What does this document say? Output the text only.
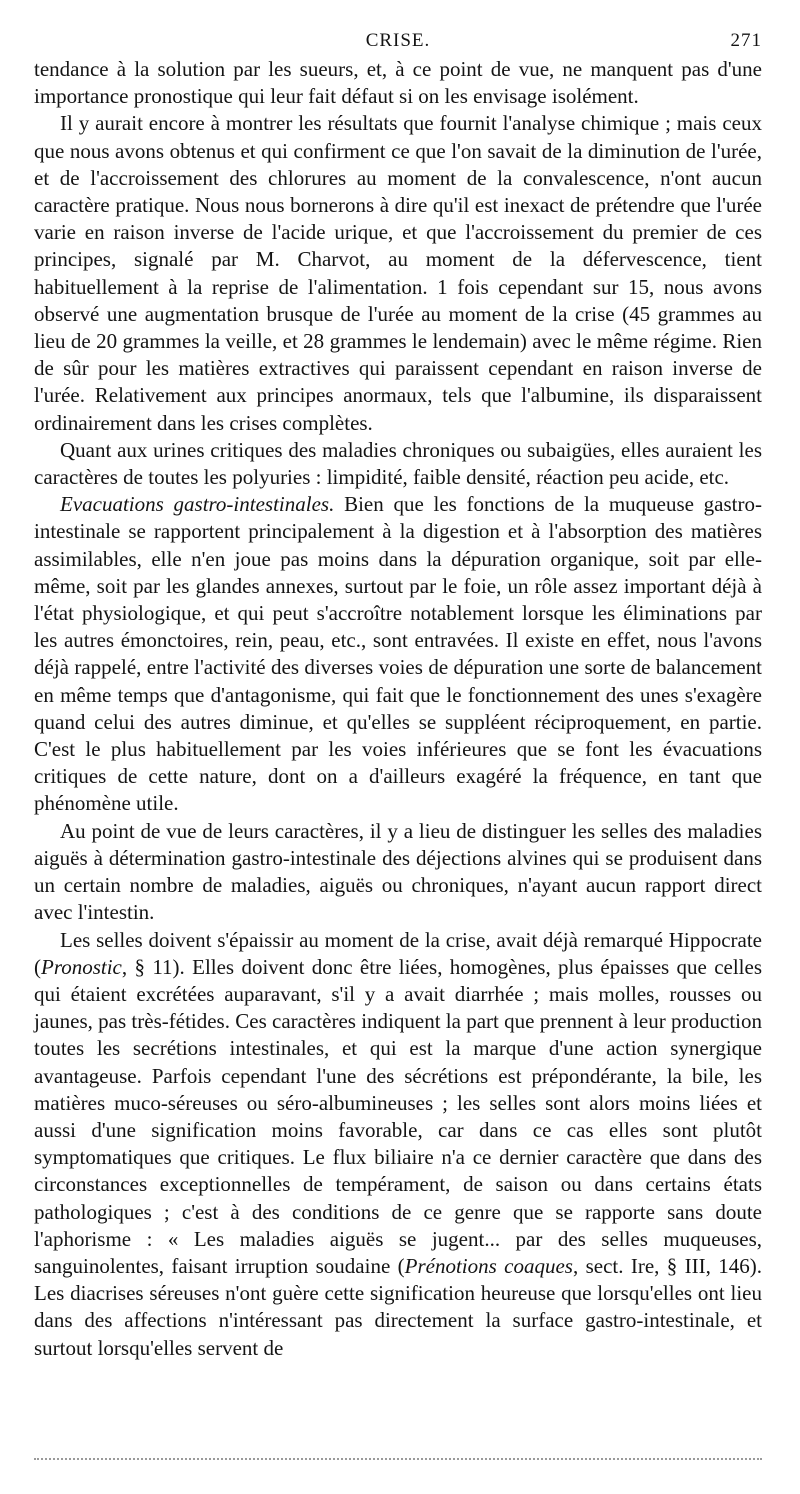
CRISE.	271

tendance à la solution par les sueurs, et, à ce point de vue, ne manquent pas d'une importance pronostique qui leur fait défaut si on les envisage isolément.

Il y aurait encore à montrer les résultats que fournit l'analyse chimique ; mais ceux que nous avons obtenus et qui confirment ce que l'on savait de la diminution de l'urée, et de l'accroissement des chlorures au moment de la convalescence, n'ont aucun caractère pratique. Nous nous bornerons à dire qu'il est inexact de prétendre que l'urée varie en raison inverse de l'acide urique, et que l'accroissement du premier de ces principes, signalé par M. Charvot, au moment de la défervescence, tient habituellement à la reprise de l'alimentation. 1 fois cependant sur 15, nous avons observé une augmentation brusque de l'urée au moment de la crise (45 grammes au lieu de 20 grammes la veille, et 28 grammes le lendemain) avec le même régime. Rien de sûr pour les matières extractives qui paraissent cependant en raison inverse de l'urée. Relativement aux principes anormaux, tels que l'albumine, ils disparaissent ordinairement dans les crises complètes.

Quant aux urines critiques des maladies chroniques ou subaigües, elles auraient les caractères de toutes les polyuries : limpidité, faible densité, réaction peu acide, etc.

Evacuations gastro-intestinales. Bien que les fonctions de la muqueuse gastro-intestinale se rapportent principalement à la digestion et à l'absorption des matières assimilables, elle n'en joue pas moins dans la dépuration organique, soit par elle-même, soit par les glandes annexes, surtout par le foie, un rôle assez important déjà à l'état physiologique, et qui peut s'accroître notablement lorsque les éliminations par les autres émonctoires, rein, peau, etc., sont entravées. Il existe en effet, nous l'avons déjà rappelé, entre l'activité des diverses voies de dépuration une sorte de balancement en même temps que d'antagonisme, qui fait que le fonctionnement des unes s'exagère quand celui des autres diminue, et qu'elles se suppléent réciproquement, en partie. C'est le plus habituellement par les voies inférieures que se font les évacuations critiques de cette nature, dont on a d'ailleurs exagéré la fréquence, en tant que phénomène utile.

Au point de vue de leurs caractères, il y a lieu de distinguer les selles des maladies aiguës à détermination gastro-intestinale des déjections alvines qui se produisent dans un certain nombre de maladies, aiguës ou chroniques, n'ayant aucun rapport direct avec l'intestin.

Les selles doivent s'épaissir au moment de la crise, avait déjà remarqué Hippocrate (Pronostic, § 11). Elles doivent donc être liées, homogènes, plus épaisses que celles qui étaient excrétées auparavant, s'il y a avait diarrhée ; mais molles, rousses ou jaunes, pas très-fétides. Ces caractères indiquent la part que prennent à leur production toutes les secrétions intestinales, et qui est la marque d'une action synergique avantageuse. Parfois cependant l'une des sécrétions est prépondérante, la bile, les matières muco-séreuses ou séro-albumineuses ; les selles sont alors moins liées et aussi d'une signification moins favorable, car dans ce cas elles sont plutôt symptomatiques que critiques. Le flux biliaire n'a ce dernier caractère que dans des circonstances exceptionnelles de tempérament, de saison ou dans certains états pathologiques ; c'est à des conditions de ce genre que se rapporte sans doute l'aphorisme : « Les maladies aiguës se jugent... par des selles muqueuses, sanguinolentes, faisant irruption soudaine (Prénotions coaques, sect. Ire, § III, 146). Les diacrises séreuses n'ont guère cette signification heureuse que lorsqu'elles ont lieu dans des affections n'intéressant pas directement la surface gastro-intestinale, et surtout lorsqu'elles servent de
